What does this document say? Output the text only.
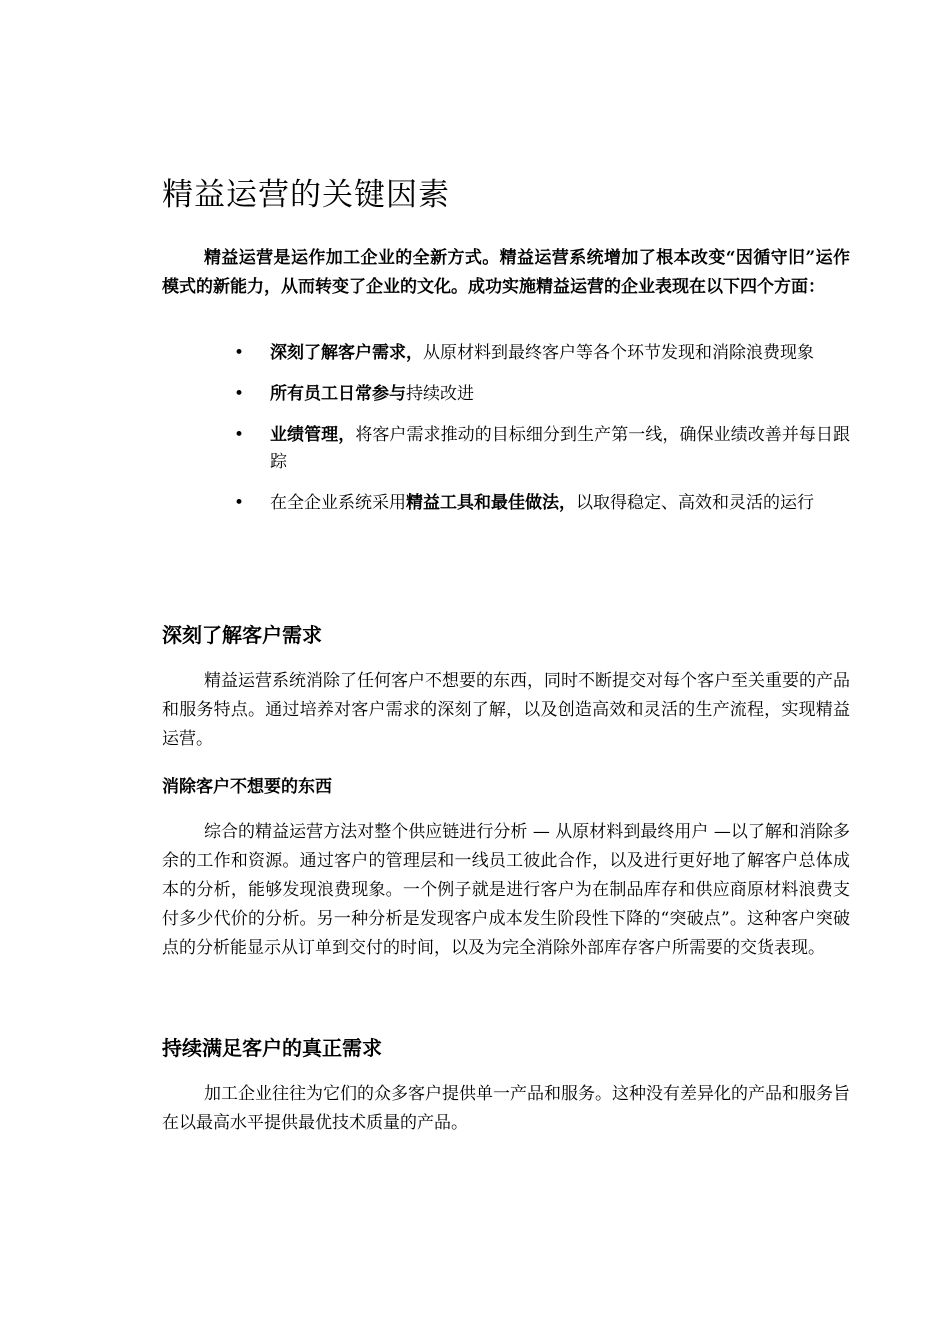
精益运营的关键因素

精益运营是运作加工企业的全新方式。精益运营系统增加了根本改变“因循守旧”运作模式的新能力，从而转变了企业的文化。成功实施精益运营的企业表现在以下四个方面：

• 深刻了解客户需求，从原材料到最终客户等各个环节发现和消除浪费现象
• 所有员工日常参与持续改进
• 业绩管理，将客户需求推动的目标细分到生产第一线，确保业绩改善并每日跟踪
• 在全企业系统采用精益工具和最佳做法，以取得稳定、高效和灵活的运行
深刻了解客户需求

精益运营系统消除了任何客户不想要的东西，同时不断提交对每个客户至关重要的产品和服务特点。通过培养对客户需求的深刻了解，以及创造高效和灵活的生产流程，实现精益运营。

消除客户不想要的东西

综合的精益运营方法对整个供应链进行分析 — 从原材料到最终用户 —以了解和消除多余的工作和资源。通过客户的管理层和一线员工彼此合作，以及进行更好地了解客户总体成本的分析，能够发现浪费现象。一个例子就是进行客户为在制品库存和供应商原材料浪费支付多少代价的分析。另一种分析是发现客户成本发生阶段性下降的“突破点”。这种客户突破点的分析能显示从订单到交付的时间，以及为完全消除外部库存客户所需要的交货表现。

持续满足客户的真正需求

加工企业往往为它们的众多客户提供单一产品和服务。这种没有差异化的产品和服务旨在以最高水平提供最优技术质量的产品。
